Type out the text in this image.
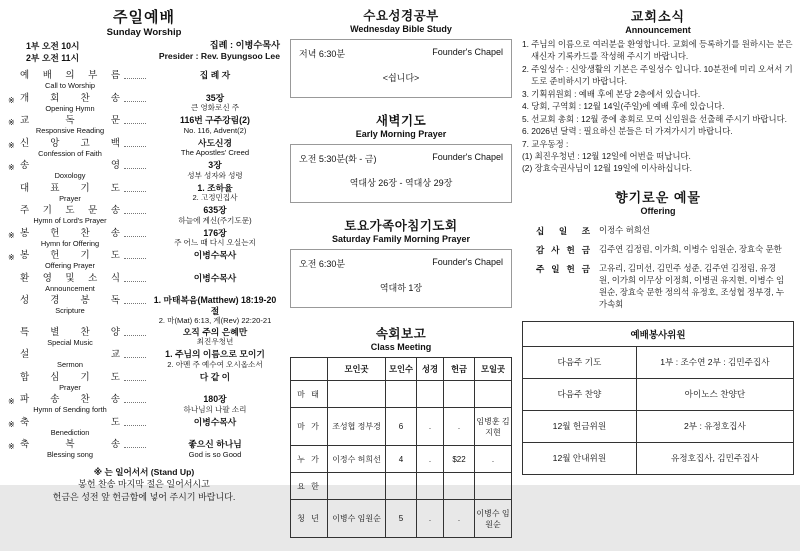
주일예배
Sunday Worship
1부 오전 10시
2부 오전 11시
집례 : 이병수목사
Presider : Rev. Byungsoo Lee
예 배 의 부 름
Call to Worship
집 례 자
※ 개 회 찬 송
Opening Hymn
35장
큰 영화로신 주
※ 교 독 문
Responsive Reading
116번 구주강림(2)
No. 116, Advent(2)
※ 신 앙 고 백
Confession of Faith
사도신경
The Apostles' Creed
※ 송 영
Doxology
3장
성부 성자와 성령
대 표 기 도
Prayer
1. 조하율
2. 고정민집사
주 기 도 문 송
Hymn of Lord's Prayer
635장
하늘에 계신(주기도문)
※ 봉 헌 찬 송
Hymn for Offering
176장
주 어느 때 다시 오실는지
※ 봉 헌 기 도
Offering Prayer
이병수목사
환 영 및 소 식
Announcement
이병수목사
성 경 봉 독
Scripture
1. 마태복음(Matthew) 18:19-20절
2. 마(Mat) 6:13, 계(Rev) 22:20-21
특 별 찬 양
Special Music
오직 주의 은혜만
최진우청년
설 교
Sermon
1. 주님의 이름으로 모이기
2. 아멘 주 예수여 오시옵소서
합 심 기 도
Prayer
다 같 이
※ 파 송 찬 송
Hymn of Sending forth
180장
하나님의 나팔 소리
※ 축 도
Benediction
이병수목사
※ 축 복 송
Blessing song
좋으신 하나님
God is so Good
※ 는 일어서서 (Stand Up)
봉헌 찬송 마지막 절은 일어서시고
헌금은 성전 앞 헌금함에 넣어 주시기 바랍니다.
수요성경공부
Wednesday Bible Study
저녁 6:30분	Founder's Chapel
<쉽니다>
새벽기도
Early Morning Prayer
오전 5:30분(화 - 금)	Founder's Chapel
역대상 26장 - 역대상 29장
토요가족아침기도회
Saturday Family Morning Prayer
오전 6:30분	Founder's Chapel
역대하 1장
속회보고
Class Meeting
	모인곳	모인수	성경	헌금	모일곳
마 태					
마 가	조성협 정부경	6	.	.	임병훈 김지현
누 가	이정수 허희선	4	.	$22	.
요 한					
청 년	이병수 임원순	5	.	.	이병수 임원순
교회소식
Announcement
1. 주님의 이름으로 여러분을 환영합니다. 교회에 등록하기를 원하시는 분은 새신자 기록카드를 작성해 주시기 바랍니다.
2. 주일성수 : 신앙생활의 기본은 주일성수 입니다. 10분전에 미리 오셔서 기도로 준비하시기 바랍니다.
3. 기획위원회 : 예배 후에 본당 2층에서 있습니다.
4. 당회, 구역회 : 12월 14일(주일)에 예배 후에 있습니다.
5. 선교회 총회 : 12월 중에 총회로 모여 신임원을 선출해 주시기 바랍니다.
6. 2026년 달력 : 필요하신 분들은 더 가져가시기 바랍니다.
7. 교우동정 :
(1) 최진우청년 : 12월 12일에 어번을 떠납니다.
(2) 장효숙권사님이 12월 19일에 이사하십니다.
향기로운 예물
Offering
십 일 조 이정수 허희선
감 사 헌 금 김주연 김정림, 이가희, 이병수 임원순, 장효숙 문한
주 일 헌 금 고유리, 김미선, 김민주 성준, 김주연 김정림, 유경원, 이가희 이무상 이정희, 이병권 유지현, 이병수 임원순, 장효숙 문한 정의석 유정호, 조성협 정부경, 누가속회
예배봉사위원	
다음주 기도	1부 : 조수연 2부 : 김민주집사
다음주 찬양	아이노스 찬양단
12월 헌금위원	2부 : 유정호집사
12월 안내위원	유정호집사, 김민주집사
